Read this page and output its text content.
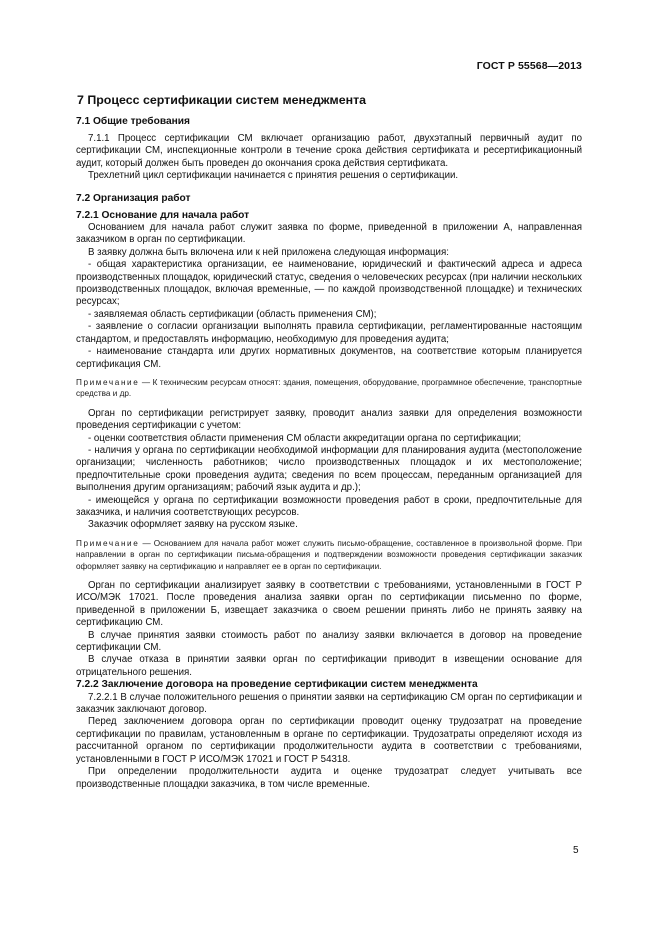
ГОСТ Р 55568—2013
7 Процесс сертификации систем менеджмента
7.1 Общие требования
7.1.1 Процесс сертификации СМ включает организацию работ, двухэтапный первичный аудит по сертификации СМ, инспекционные контроли в течение срока действия сертификата и ресертификационный аудит, который должен быть проведен до окончания срока действия сертификата.
Трехлетний цикл сертификации начинается с принятия решения о сертификации.
7.2 Организация работ
7.2.1 Основание для начала работ
Основанием для начала работ служит заявка по форме, приведенной в приложении А, направленная заказчиком в орган по сертификации.
В заявку должна быть включена или к ней приложена следующая информация:
- общая характеристика организации, ее наименование, юридический и фактический адреса и адреса производственных площадок, юридический статус, сведения о человеческих ресурсах (при наличии нескольких производственных площадок, включая временные, — по каждой производственной площадке) и технических ресурсах;
- заявляемая область сертификации (область применения СМ);
- заявление о согласии организации выполнять правила сертификации, регламентированные настоящим стандартом, и предоставлять информацию, необходимую для проведения аудита;
- наименование стандарта или других нормативных документов, на соответствие которым планируется сертификация СМ.
Примечание — К техническим ресурсам относят: здания, помещения, оборудование, программное обеспечение, транспортные средства и др.
Орган по сертификации регистрирует заявку, проводит анализ заявки для определения возможности проведения сертификации с учетом:
- оценки соответствия области применения СМ области аккредитации органа по сертификации;
- наличия у органа по сертификации необходимой информации для планирования аудита (местоположение организации; численность работников; число производственных площадок и их местоположение; предпочтительные сроки проведения аудита; сведения по всем процессам, переданным организацией для выполнения другим организациям; рабочий язык аудита и др.);
- имеющейся у органа по сертификации возможности проведения работ в сроки, предпочтительные для заказчика, и наличия соответствующих ресурсов.
Заказчик оформляет заявку на русском языке.
Примечание — Основанием для начала работ может служить письмо-обращение, составленное в произвольной форме. При направлении в орган по сертификации письма-обращения и подтверждении возможности проведения сертификации заказчик оформляет заявку на сертификацию и направляет ее в орган по сертификации.
Орган по сертификации анализирует заявку в соответствии с требованиями, установленными в ГОСТ Р ИСО/МЭК 17021. После проведения анализа заявки орган по сертификации письменно по форме, приведенной в приложении Б, извещает заказчика о своем решении принять либо не принять заявку на сертификацию СМ.
В случае принятия заявки стоимость работ по анализу заявки включается в договор на проведение сертификации СМ.
В случае отказа в принятии заявки орган по сертификации приводит в извещении основание для отрицательного решения.
7.2.2 Заключение договора на проведение сертификации систем менеджмента
7.2.2.1 В случае положительного решения о принятии заявки на сертификацию СМ орган по сертификации и заказчик заключают договор.
Перед заключением договора орган по сертификации проводит оценку трудозатрат на проведение сертификации по правилам, установленным в органе по сертификации. Трудозатраты определяют исходя из рассчитанной органом по сертификации продолжительности аудита в соответствии с требованиями, установленными в ГОСТ Р ИСО/МЭК 17021 и ГОСТ Р 54318.
При определении продолжительности аудита и оценке трудозатрат следует учитывать все производственные площадки заказчика, в том числе временные.
5
